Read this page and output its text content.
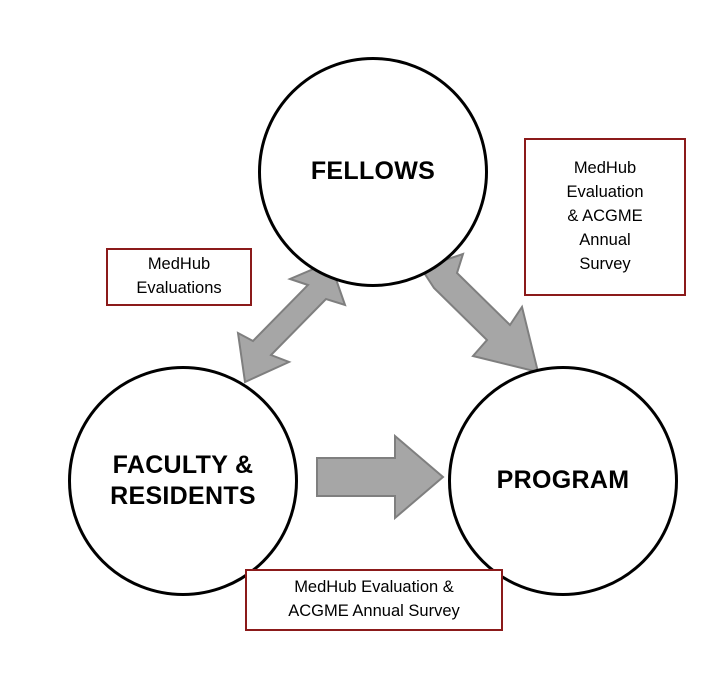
FELLOWS
FACULTY &
RESIDENTS
PROGRAM
MedHub
Evaluation
& ACGME
Annual
Survey
MedHub
Evaluations
MedHub Evaluation &
ACGME Annual Survey
